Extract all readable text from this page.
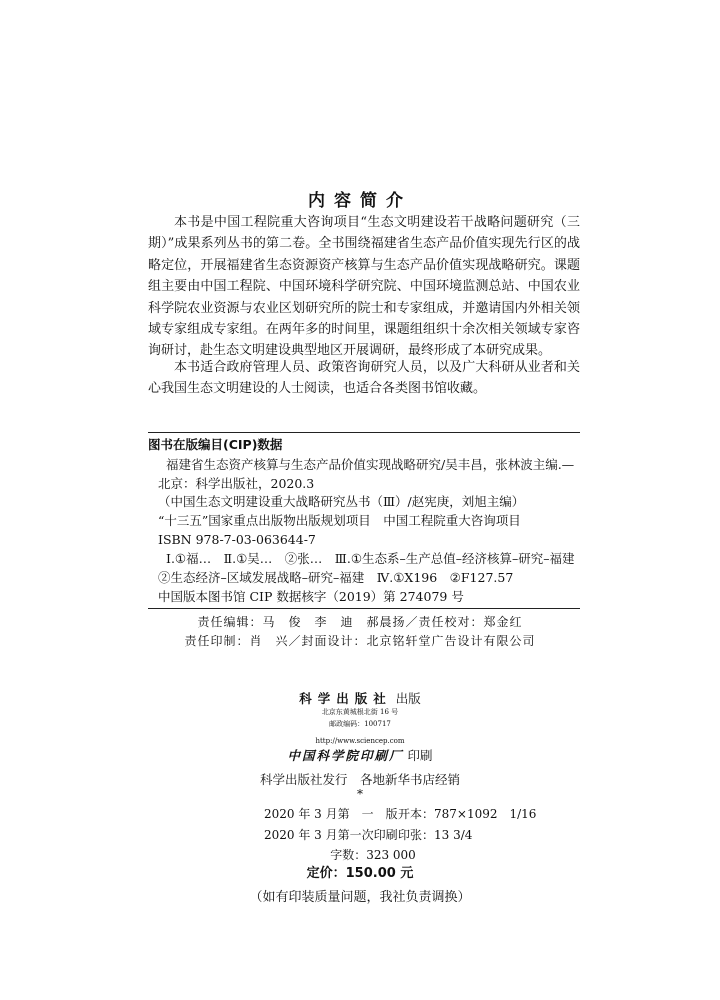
内容简介

本书是中国工程院重大咨询项目“生态文明建设若干战略问题研究（三期）”成果系列丛书的第二卷。全书围绕福建省生态产品价值实现先行区的战略定位，开展福建省生态资源资产核算与生态产品价值实现战略研究。课题组主要由中国工程院、中国环境科学研究院、中国环境监测总站、中国农业科学院农业资源与农业区划研究所的院士和专家组成，并邀请国内外相关领域专家组成专家组。在两年多的时间里，课题组组织十余次相关领域专家咨询研讨，赴生态文明建设典型地区开展调研，最终形成了本研究成果。

本书适合政府管理人员、政策咨询研究人员，以及广大科研从业者和关心我国生态文明建设的人士阅读，也适合各类图书馆收藏。

图书在版编目(CIP)数据
福建省生态资产核算与生态产品价值实现战略研究/吴丰昌，张林波主编.—北京：科学出版社，2020.3
（中国生态文明建设重大战略研究丛书（Ⅲ）/赵宪庚，刘旭主编）
“十三五”国家重点出版物出版规划项目　中国工程院重大咨询项目
ISBN 978-7-03-063644-7
Ⅰ.①福…　Ⅱ.①吴…　②张…　Ⅲ.①生态系–生产总值–经济核算–研究–福建　②生态经济–区域发展战略–研究–福建　Ⅳ.①X196　②F127.57
中国版本图书馆 CIP 数据核字（2019）第 274079 号
责任编辑：马　俊　李　迪　郝晨扬／责任校对：郑金红
责任印制：肖　兴／封面设计：北京铭轩堂广告设计有限公司
科学出版社 出版
北京东黄城根北街 16 号
邮政编码：100717
http://www.sciencep.com
中国科学院印刷厂 印刷
科学出版社发行　各地新华书店经销
*
2020 年 3 月第　一　版 开本：787×1092　1/16
2020 年 3 月第一次印刷 印张：13 3/4
字数：323 000
定价：150.00 元
（如有印装质量问题，我社负责调换）
